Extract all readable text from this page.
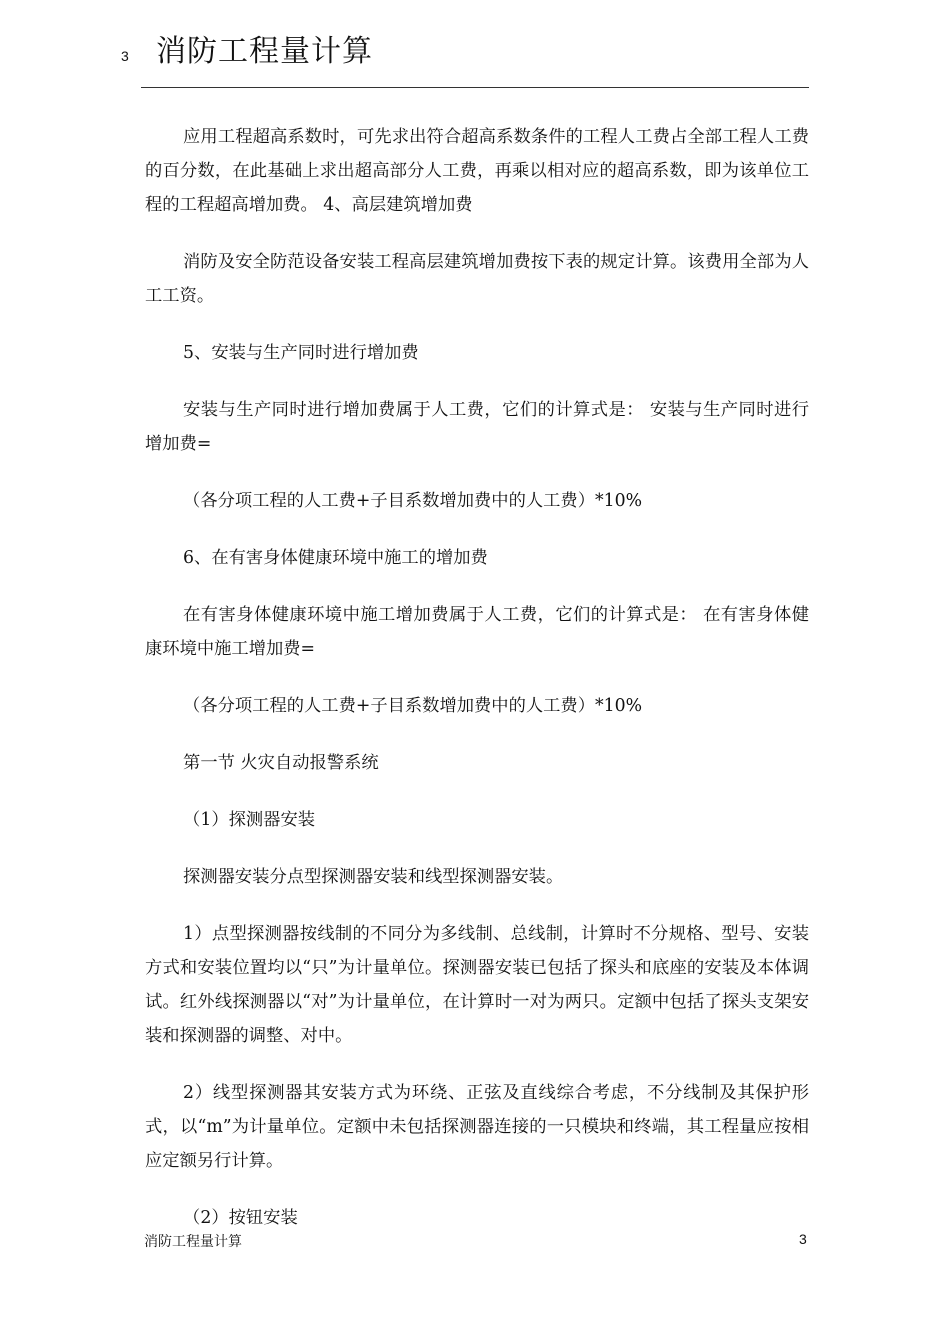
3 消防工程量计算

应用工程超高系数时，可先求出符合超高系数条件的工程人工费占全部工程人工费的百分数，在此基础上求出超高部分人工费，再乘以相对应的超高系数，即为该单位工程的工程超高增加费。 4、高层建筑增加费

消防及安全防范设备安装工程高层建筑增加费按下表的规定计算。该费用全部为人工工资。

5、安装与生产同时进行增加费

安装与生产同时进行增加费属于人工费，它们的计算式是： 安装与生产同时进行增加费=

（各分项工程的人工费+子目系数增加费中的人工费）*10%

6、在有害身体健康环境中施工的增加费

在有害身体健康环境中施工增加费属于人工费，它们的计算式是： 在有害身体健康环境中施工增加费=

（各分项工程的人工费+子目系数增加费中的人工费）*10%

第一节 火灾自动报警系统

（1）探测器安装

探测器安装分点型探测器安装和线型探测器安装。

1）点型探测器按线制的不同分为多线制、总线制，计算时不分规格、型号、安装方式和安装位置均以“只”为计量单位。探测器安装已包括了探头和底座的安装及本体调试。红外线探测器以“对”为计量单位，在计算时一对为两只。定额中包括了探头支架安装和探测器的调整、对中。

2）线型探测器其安装方式为环绕、正弦及直线综合考虑，不分线制及其保护形式，以“m”为计量单位。定额中未包括探测器连接的一只模块和终端，其工程量应按相应定额另行计算。

（2）按钮安装

消防工程量计算	3
